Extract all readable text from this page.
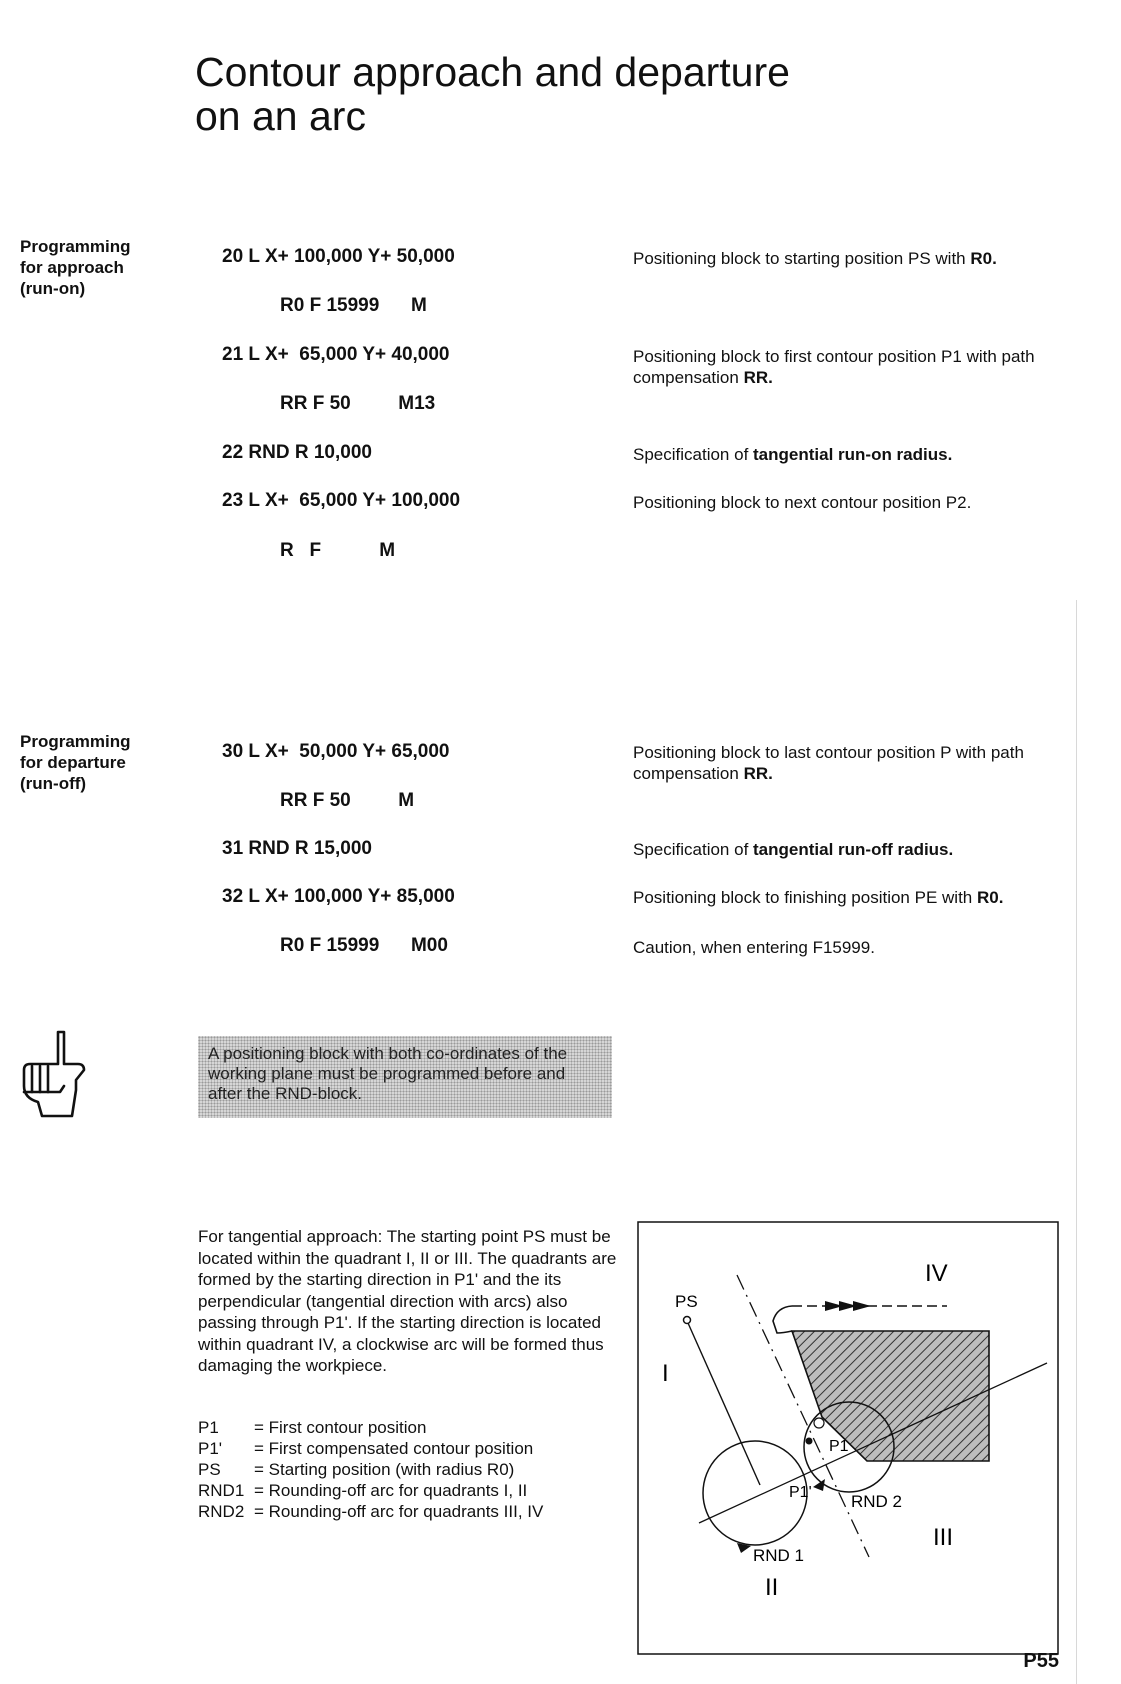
Contour approach and departure
on an arc
Programming
for approach
(run-on)
20 L X+ 100,000 Y+ 50,000
R0 F 15999      M
Positioning block to starting position PS with R0.
21 L X+  65,000 Y+ 40,000
RR F 50         M13
Positioning block to first contour position P1 with path compensation RR.
22 RND R 10,000	Specification of tangential run-on radius.
23 L X+  65,000 Y+ 100,000
R   F           M
Positioning block to next contour position P2.
Programming
for departure
(run-off)
30 L X+  50,000 Y+ 65,000
RR F 50         M
Positioning block to last contour position P with path compensation RR.
31 RND R 15,000	Specification of tangential run-off radius.
32 L X+ 100,000 Y+ 85,000
R0 F 15999      M00
Positioning block to finishing position PE with R0.
Caution, when entering F15999.
A positioning block with both co-ordinates of the working plane must be programmed before and after the RND-block.
For tangential approach: The starting point PS must be located within the quadrant I, II or III. The quadrants are formed by the starting direction in P1' and the its perpendicular (tangential direction with arcs) also passing through P1'. If the starting direction is located within quadrant IV, a clockwise arc will be formed thus damaging the workpiece.
P1 = First contour position
P1' = First compensated contour position
PS = Starting position (with radius R0)
RND1 = Rounding-off arc for quadrants I, II
RND2 = Rounding-off arc for quadrants III, IV
PS
P1
P1' RND 2
RND 1
I
II
III
IV
P55
